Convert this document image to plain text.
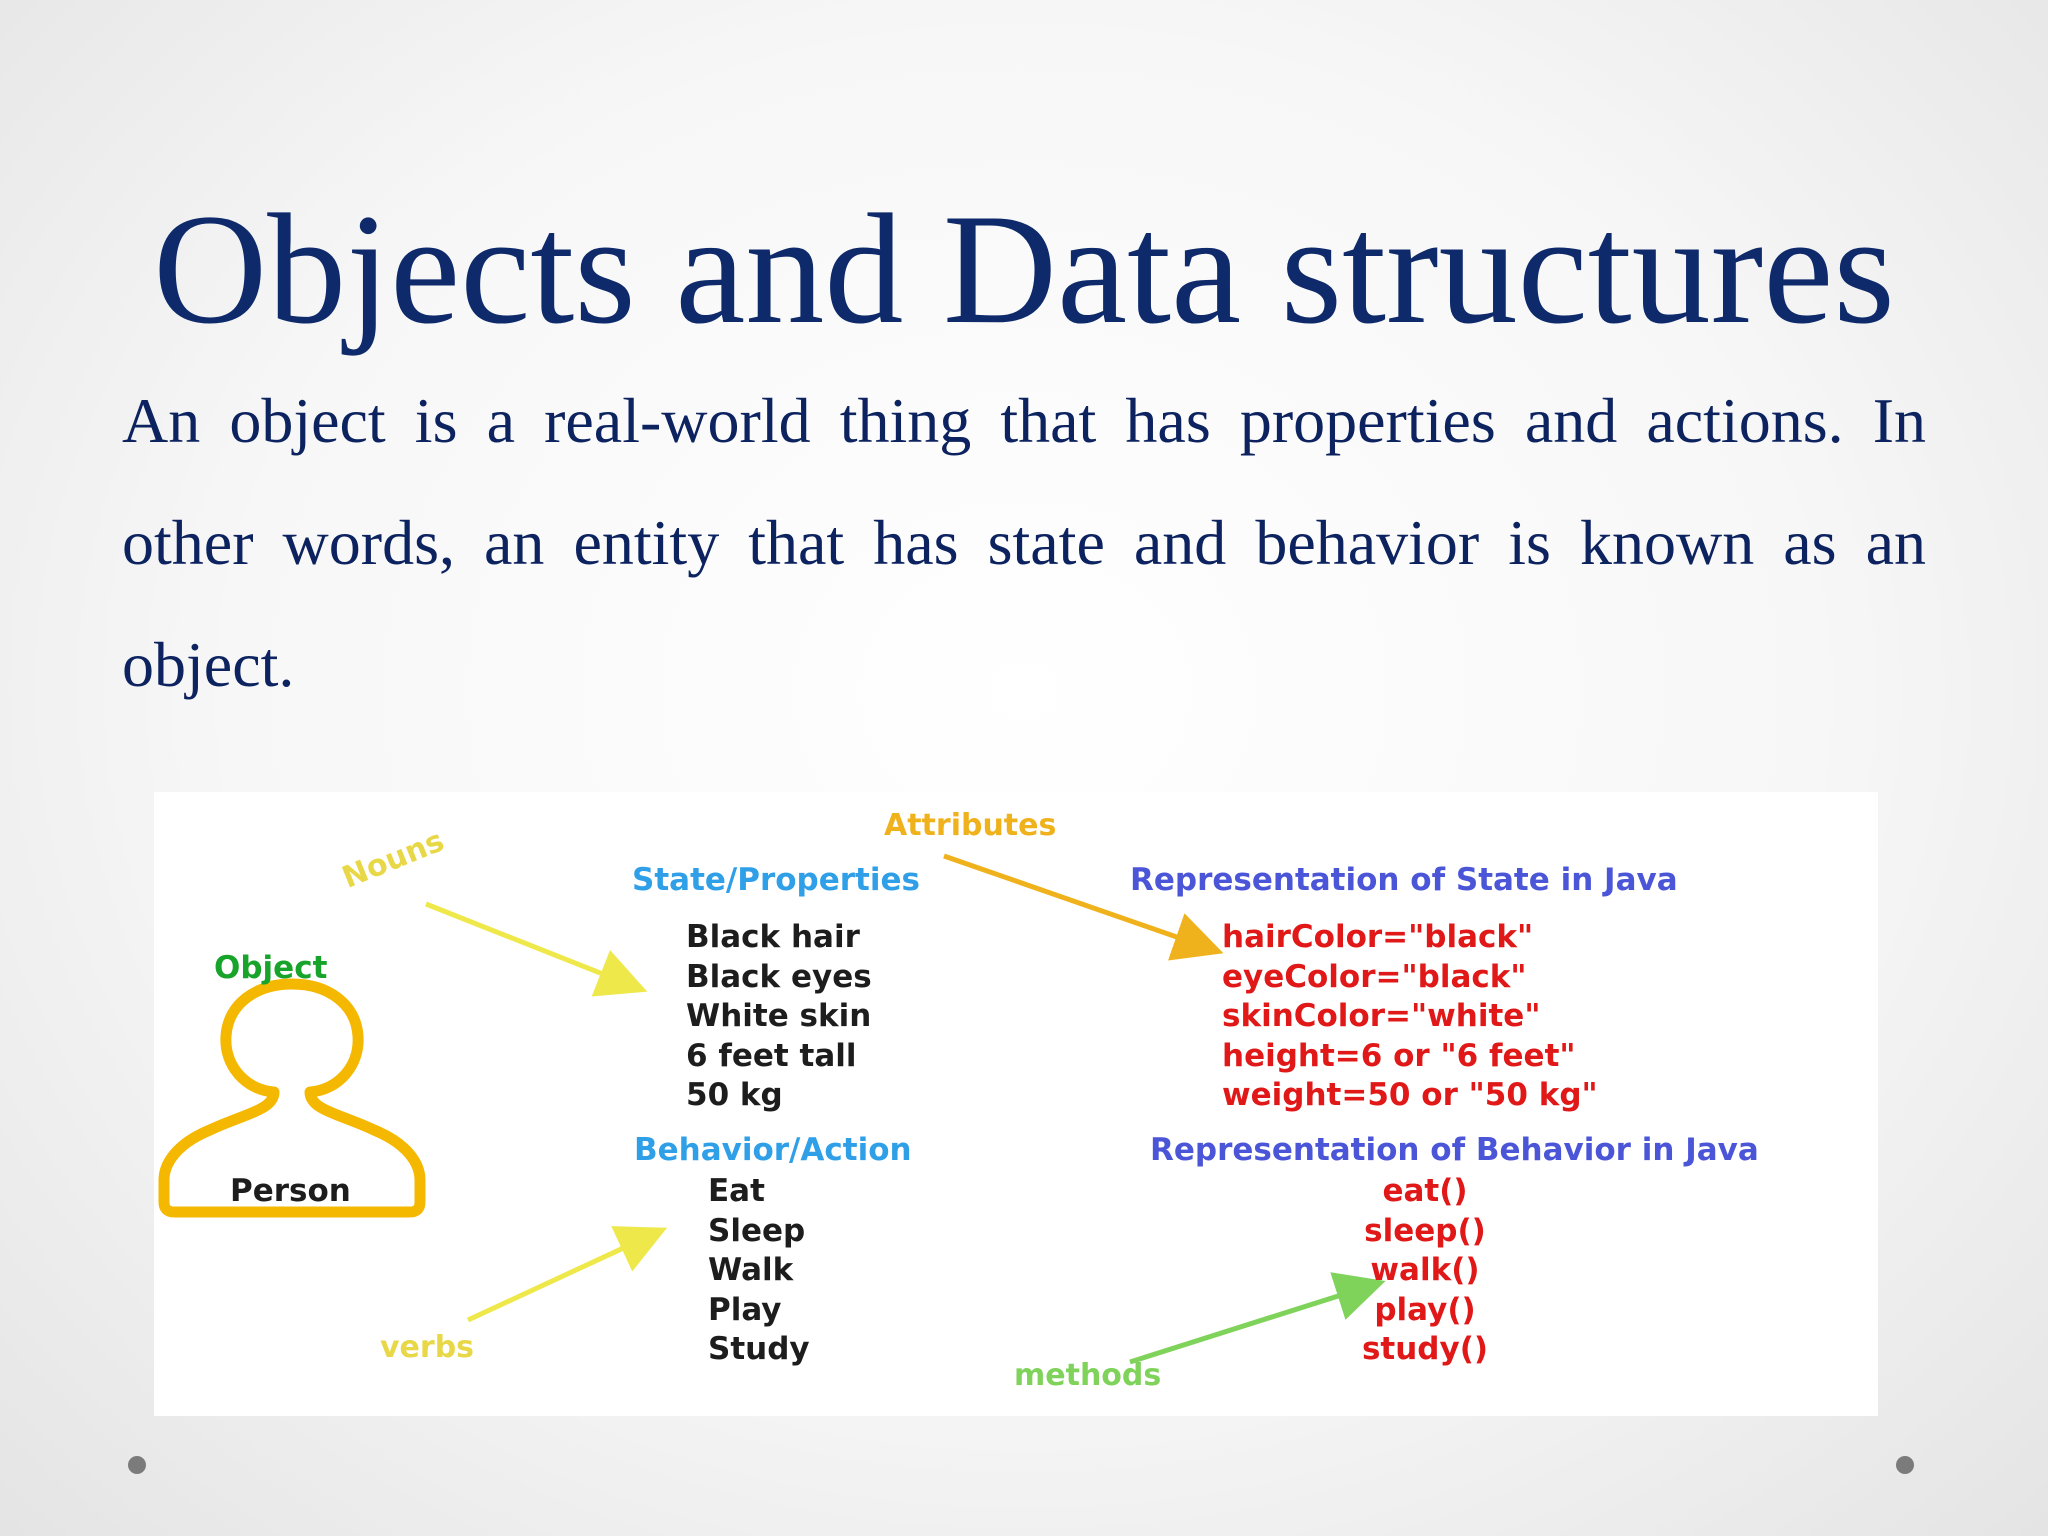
Objects and Data structures
An object is a real-world thing that has properties and actions. In other words, an entity that has state and behavior is known as an object.
Attributes
Nouns
verbs
methods
Object
Person
State/Properties
Black hair
Black eyes
White skin
6 feet tall
50 kg
Behavior/Action
Eat
Sleep
Walk
Play
Study
Representation of State in Java
hairColor="black"
eyeColor="black"
skinColor="white"
height=6 or "6 feet"
weight=50 or "50 kg"
Representation of Behavior in Java
eat()
sleep()
walk()
play()
study()
